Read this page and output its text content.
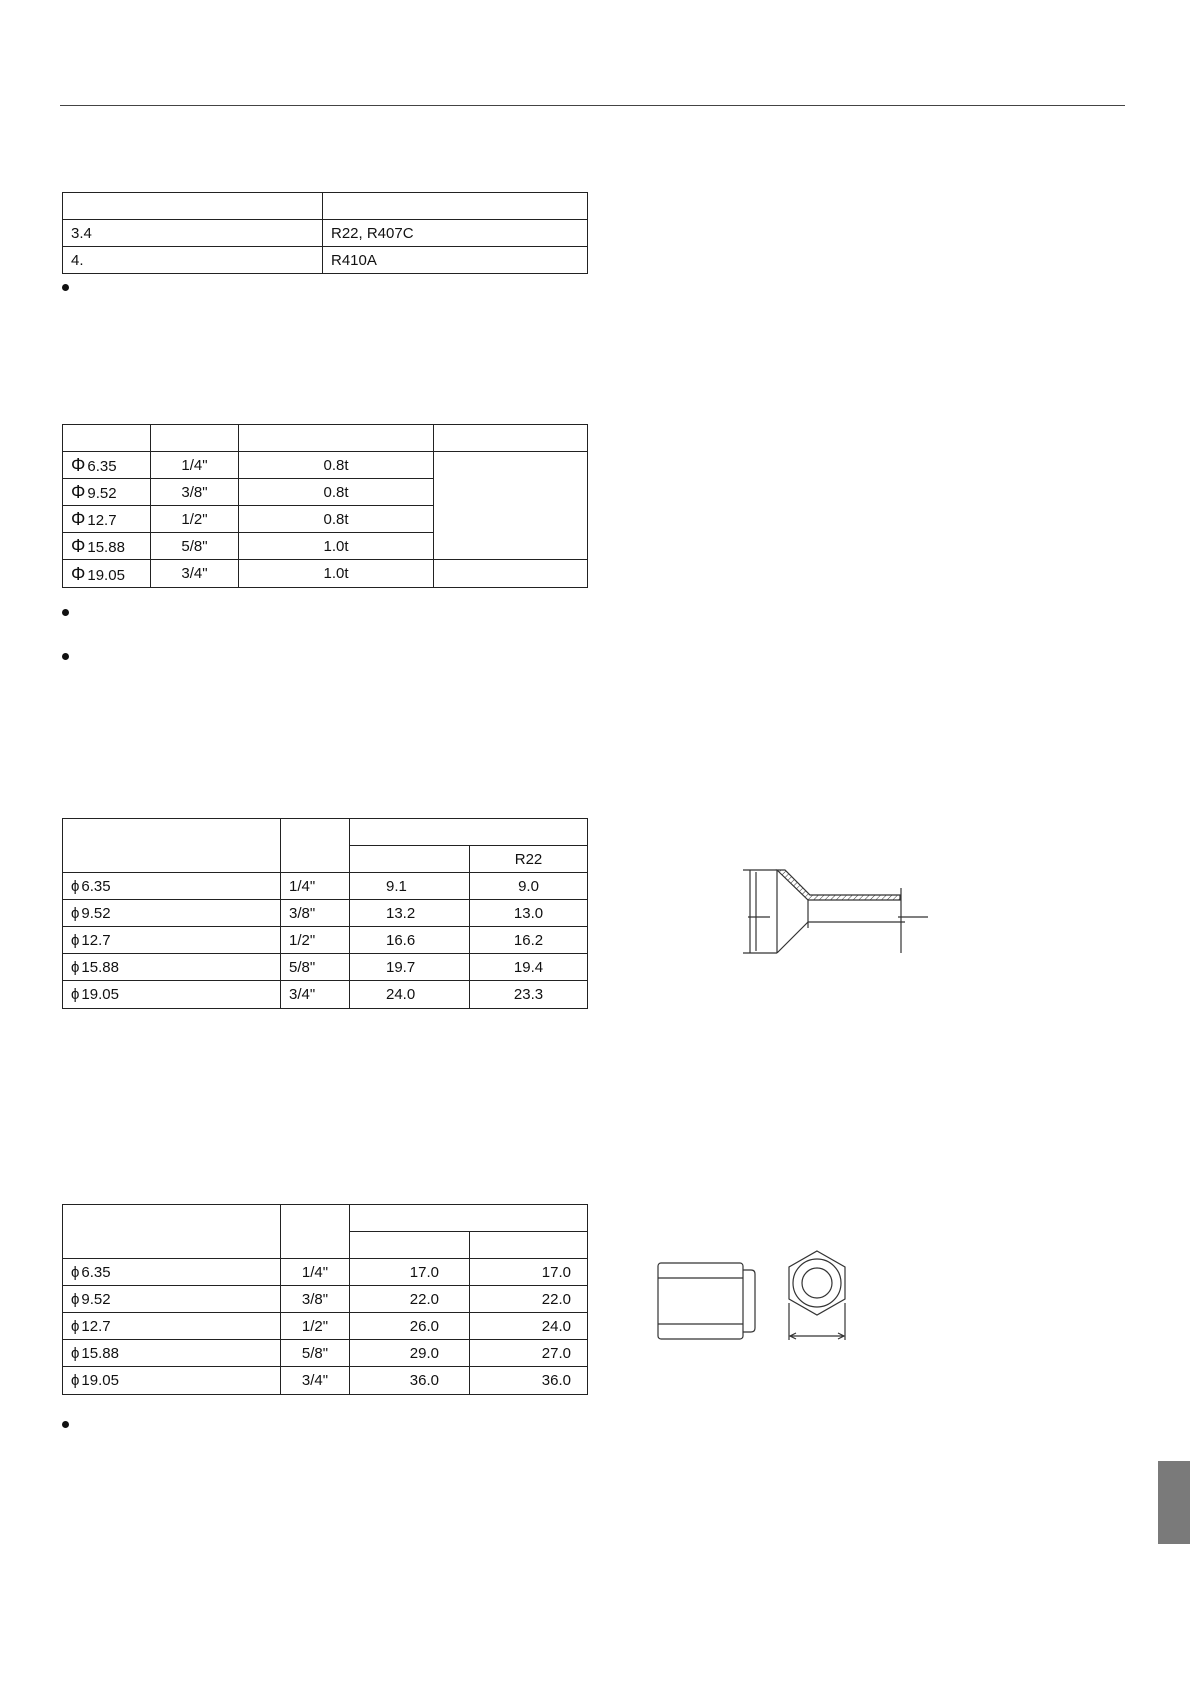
3.4	R22, R407C
4.	R410A

Φ 6.35	1/4"	0.8t	
Φ 9.52	3/8"	0.8t	
Φ 12.7	1/2"	0.8t	
Φ 15.88	5/8"	1.0t	
Φ 19.05	3/4"	1.0t	

			R22
ϕ 6.35	1/4"	9.1	9.0
ϕ 9.52	3/8"	13.2	13.0
ϕ 12.7	1/2"	16.6	16.2
ϕ 15.88	5/8"	19.7	19.4
ϕ 19.05	3/4"	24.0	23.3

ϕ 6.35	1/4"	17.0	17.0
ϕ 9.52	3/8"	22.0	22.0
ϕ 12.7	1/2"	26.0	24.0
ϕ 15.88	5/8"	29.0	27.0
ϕ 19.05	3/4"	36.0	36.0
